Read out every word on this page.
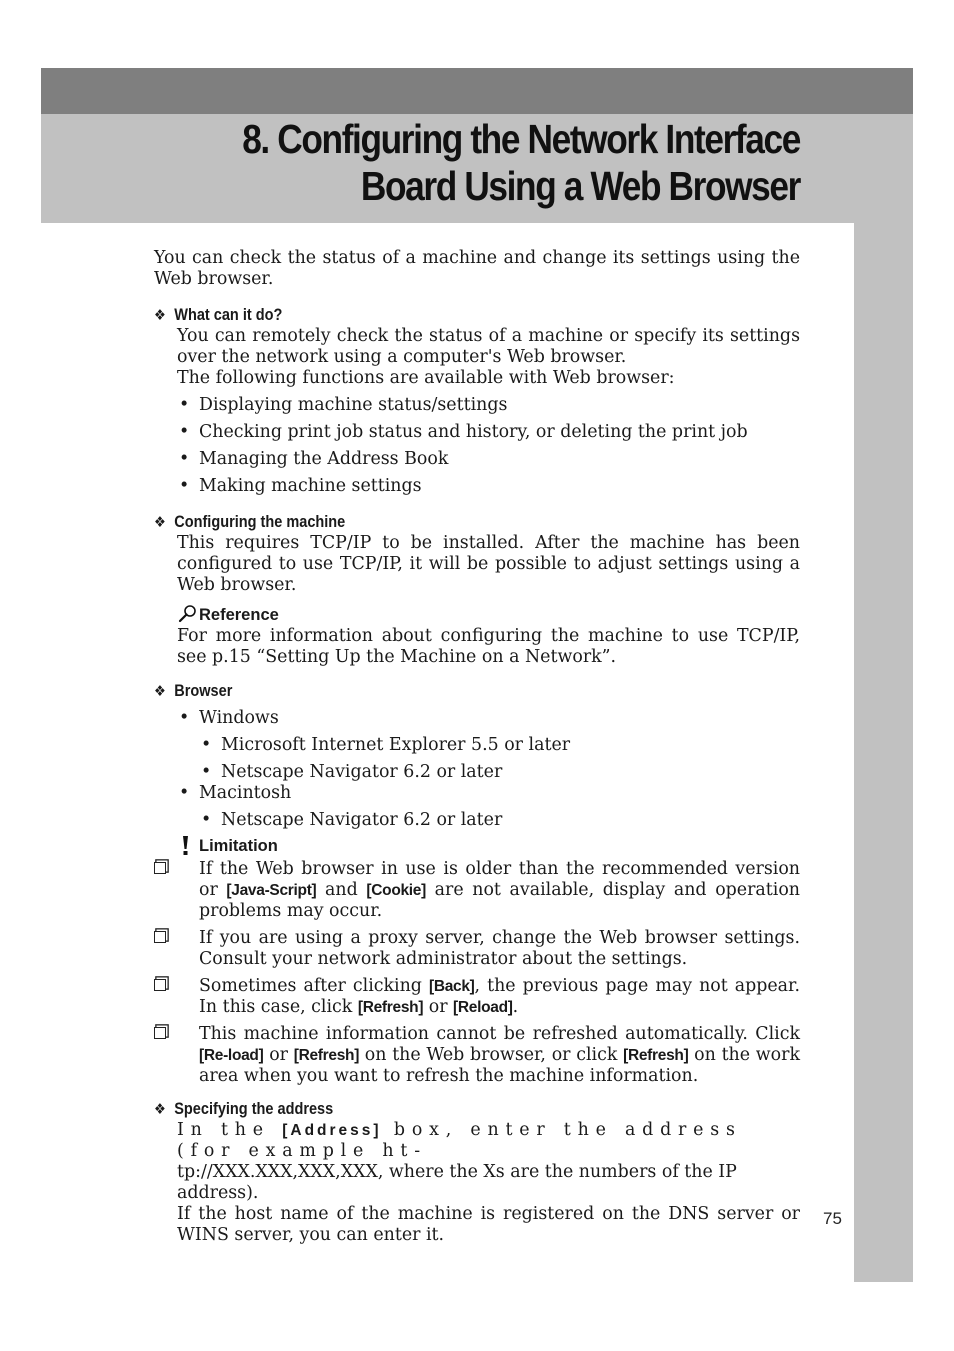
8. Configuring the Network Interface
Board Using a Web Browser

You can check the status of a machine and change its settings using the Web browser.

❖ What can it do?

You can remotely check the status of a machine or specify its settings over the network using a computer's Web browser.

The following functions are available with Web browser:

• Displaying machine status/settings
• Checking print job status and history, or deleting the print job
• Managing the Address Book
• Making machine settings
❖ Configuring the machine

This requires TCP/IP to be installed. After the machine has been configured to use TCP/IP, it will be possible to adjust settings using a Web browser.

Reference

For more information about configuring the machine to use TCP/IP, see p.15 “Setting Up the Machine on a Network”.

❖ Browser
• Windows
• Microsoft Internet Explorer 5.5 or later
• Netscape Navigator 6.2 or later
• Macintosh
• Netscape Navigator 6.2 or later
Limitation
If the Web browser in use is older than the recommended version or [Java-Script] and [Cookie] are not available, display and operation problems may occur.
If you are using a proxy server, change the Web browser settings. Consult your network administrator about the settings.
Sometimes after clicking [Back], the previous page may not appear. In this case, click [Refresh] or [Reload].
This machine information cannot be refreshed automatically. Click [Re-load] or [Refresh] on the Web browser, or click [Refresh] on the work area when you want to refresh the machine information.
❖ Specifying the address

In the [Address] box, enter the address (for example ht-
tp://XXX.XXX,XXX,XXX, where the Xs are the numbers of the IP address).

If the host name of the machine is registered on the DNS server or WINS server, you can enter it.

75
